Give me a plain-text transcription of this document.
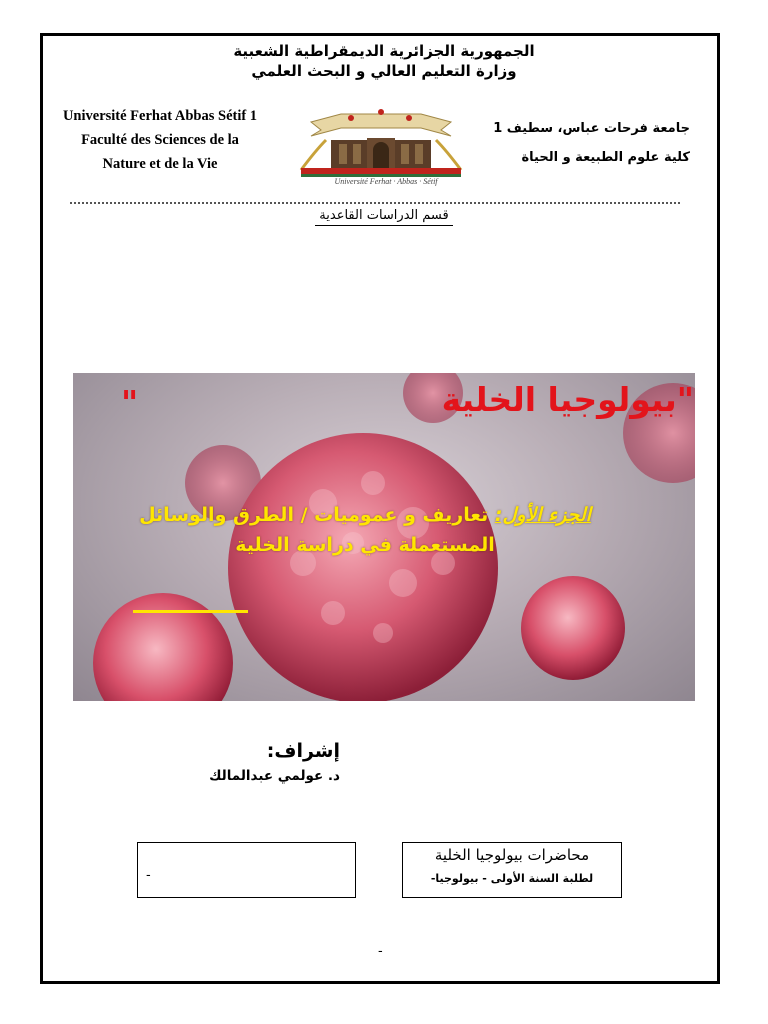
الجمهورية الجزائرية الديمقراطية الشعبية
وزارة التعليم العالي و البحث العلمي
Université Ferhat Abbas Sétif 1
Faculté des Sciences de la
Nature et de la Vie
Université Ferhat · Abbas · Sétif
جامعة فرحات عباس، سطيف 1
كلية علوم الطبيعة و الحياة
قسم الدراسات القاعدية
"	"بيولوجيا الخلية
الجزء الأول: تعاريف و عموميات / الطرق والوسائل المستعملة في دراسة الخلية
إشراف:
د. عولمي عبدالمالك
-
محاضرات بيولوجيا الخلية
لطلبة السنة الأولى - بيولوجيا-
-
